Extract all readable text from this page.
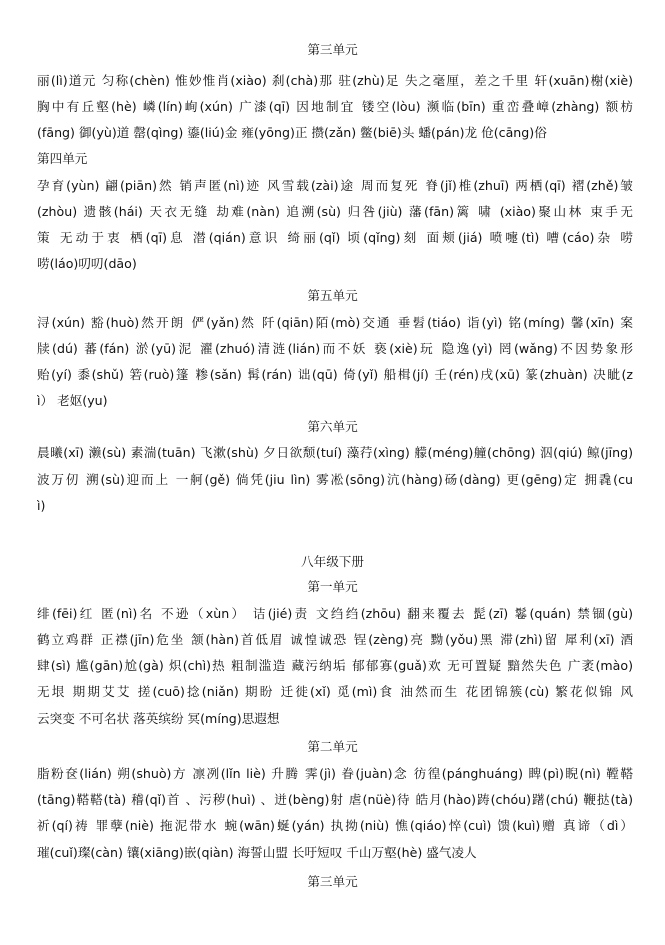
第三单元
丽(lì)道元 匀称(chèn) 惟妙惟肖(xiào) 刹(chà)那 驻(zhù)足 失之毫厘，差之千里 轩(xuān)榭(xiè)
胸中有丘壑(hè) 嶙(lín)峋(xún) 广漆(qī) 因地制宜 镂空(lòu) 濒临(bīn) 重峦叠嶂(zhàng) 额枋
(fāng) 御(yù)道 罄(qìng) 鎏(liú)金 雍(yōng)正 攒(zǎn) 鳖(biē)头 蟠(pán)龙 伧(cāng)俗
第四单元
孕育(yùn) 翩(piān)然 销声匿(nì)迹 风雪载(zài)途 周而复死 脊(jǐ)椎(zhuī) 两栖(qī) 褶(zhě)皱
(zhòu) 遗骸(hái) 天衣无缝 劫难(nàn) 追溯(sù) 归咎(jiù) 藩(fān)篱 啸 (xiào)聚山林 束手无
策 无动于衷 栖(qī)息 潜(qián)意识 绮丽(qǐ) 顷(qǐng)刻 面颊(jiá) 喷嚏(tì) 嘈(cáo)杂 唠
唠(láo)叨叨(dāo)
第五单元
浔(xún) 豁(huò)然开朗 俨(yǎn)然 阡(qiān)陌(mò)交通 垂髫(tiáo) 诣(yì) 铭(míng) 馨(xīn) 案
牍(dú) 蕃(fán) 淤(yū)泥 濯(zhuó)清涟(lián)而不妖 亵(xiè)玩 隐逸(yì) 罔(wǎng)不因势象形
贻(yí) 黍(shǔ) 箬(ruò)篷 糁(sǎn) 髯(rán) 诎(qū) 倚(yǐ) 船楫(jí) 壬(rén)戌(xū) 篆(zhuàn) 决眦(z
ì） 老妪(yu)
第六单元
晨曦(xī) 濑(sù) 素湍(tuān) 飞漱(shù) 夕日欲颓(tuí) 藻荇(xìng) 艨(méng)艟(chōng) 泅(qiú) 鲸(jīng)
波万仞 溯(sù)迎而上 一舸(gě) 倘凭(jiu lìn) 雾凇(sōng)沆(hàng)砀(dàng) 更(gēng)定 拥毳(cu
ì)
八年级下册
第一单元
绯(fēi)红 匿(nì)名 不逊（xùn） 诘(jié)责 文绉绉(zhōu) 翻来覆去 髭(zī) 鬈(quán) 禁锢(gù)
鹤立鸡群 正襟(jīn)危坐 颔(hàn)首低眉 诚惶诚恐 锃(zèng)亮 黝(yǒu)黑 滞(zhì)留 犀利(xī) 酒
肆(sì) 尴(gān)尬(gà) 炽(chì)热 粗制滥造 藏污纳垢 郁郁寡(guǎ)欢 无可置疑 黯然失色 广袤(mào)
无垠 期期艾艾 搓(cuō)捻(niǎn) 期盼 迁徙(xǐ) 觅(mì)食 油然而生 花团锦簇(cù) 繁花似锦 风
云突变 不可名状 落英缤纷 冥(míng)思遐想
第二单元
脂粉奁(lián) 朔(shuò)方 凛冽(lǐn liè) 升腾 霁(jì) 眷(juàn)念 彷徨(pánghuáng) 睥(pì)睨(nì) 鞺鞳
(tāng)鞳鞳(tà) 稽(qǐ)首 、污秽(huì) 、迸(bèng)射 虐(nüè)待 皓月(hào)踌(chóu)躇(chú) 鞭挞(tà)
祈(qí)祷 罪孽(niè) 拖泥带水 蜿(wān)蜒(yán) 执拗(niù) 憔(qiáo)悴(cuì) 馈(kuì)赠 真谛（dì）
璀(cuǐ)璨(càn) 镶(xiāng)嵌(qiàn) 海誓山盟 长吁短叹 千山万壑(hè) 盛气凌人
第三单元
